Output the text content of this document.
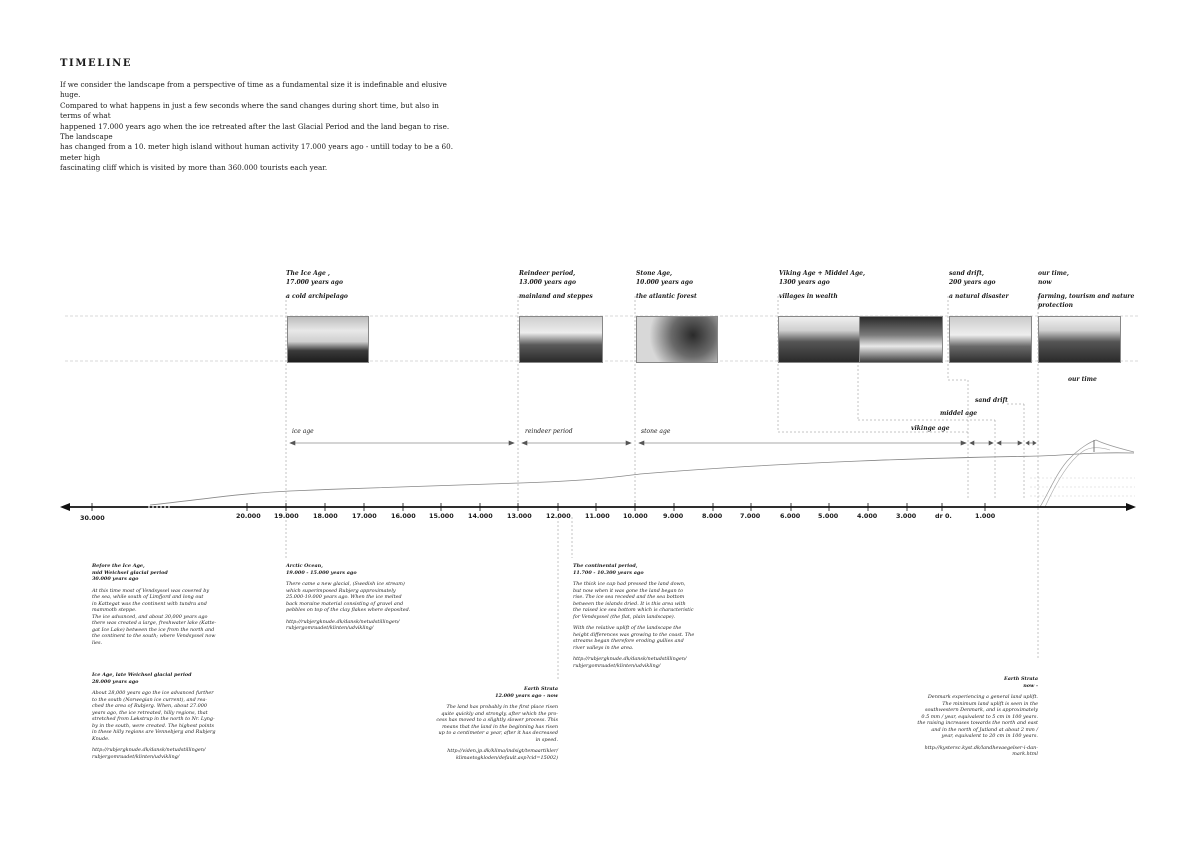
TIMELINE
If we consider the landscape from a perspective of time as a fundamental size it is indefinable and elusive huge.
Compared to what happens in just a few seconds where the sand changes during short time, but also in terms of what
happened 17.000 years ago when the ice retreated after the last Glacial Period and the land began to rise. The landscape
has changed from a 10. meter high island without human activity 17.000 years ago - untill today to be a 60. meter high
fascinating cliff which is visited by more than 360.000 tourists each year.
The Ice Age ,
17.000 years ago
a cold archipelago
Reindeer period,
13.000 years ago
mainland and steppes
Stone Age,
10.000 years ago
the atlantic forest
Viking Age + Middel Age,
1300 years ago
villages in wealth
sand drift,
200 years ago
a natural disaster
our time,
now
farming, tourism and nature
protection
our time
sand drift
middel age
vikinge age
ice age	reindeer period	stone age
30.000	20.000 19.000 18.000 17.000 16.000 15.000 14.000 13.000 12.000 11.000 10.000 9.000	8.000	7.000	6.000	5.000	4.000	3.000	dr 0.	1.000
Before the Ice Age,
mid Weichsel glacial period
30.000 years ago

At this time most of Vendsyssel was covered by
the sea, while south of Limfjord and long out
in Kattegat was the continent with tundra and
mammoth steppe.
The ice advanced, and about 30,000 years ago
there was created a large, freshwater lake (Katte-
gat Ice Lake) between the ice from the north and
the continent to the south; where Vendsyssel now
lies.

Ice Age, late Weichsel glacial period
28.000 years ago

About 28,000 years ago the ice advanced further
to the south (Norwegian ice current), and rea-
ched the area of Rubjerg. When, about 27.000
years ago, the ice retreated, hilly regions, that
stretched from Løkstrup in the north to Nr. Lyng-
by in the south, were created. The highest points
in these hilly regions are Vennebjerg and Rubjerg
Knude.

http://rubjergknude.dk/dansk/netudstillingen/
rubjergomraadet/klinten/udvikling/

Arctic Ocean,
19.000 - 15.000 years ago

There came a new glacial, (Swedish ice stream)
which superimposed Rubjerg approximately
25.000-19.000 years ago. When the ice melted
back moraine material consisting of gravel and
pebbles on top of the clay flakes where deposited.

http://rubjergknude.dk/dansk/netudstillingen/
rubjergomraadet/klinten/udvikling/

Earth Strata
12.000 years ago - now

The land has probably in the first place risen
quite quickly and strongly, after which the pro-
cess has moved to a slightly slower process. This
means that the land in the beginning has risen
up to a centimeter a year, after it has decreased
in speed.

http://viden.jp.dk/klima/indsigt/temaartikler/
klimaetogkloden/default.asp?cid=15002)

The continental period,
11.700 - 10.300 years ago

The thick ice cap had pressed the land down,
but now when it was gone the land began to
rise. The ice sea receded and the sea bottom
between the islands dried. It is this area with
the raised ice sea bottom which is characteristic
for Vendsyssel (the flat, plain landscape).

With the relative uplift of the landscape the
height differences was growing to the coast. The
streams began therefore eroding gullies and
river valleys in the area.

http://rubjergknude.dk/dansk/netudstillingen/
rubjergomraadet/klinten/udvikling/

Earth Strata
now -

Denmark experiencing a general land uplift.
The minimum land uplift is seen in the
southwestern Denmark, and is approximately
0.5 mm / year, equivalent to 5 cm in 100 years.
the raising increases towards the north and east
and in the north of Jutland at about 2 mm /
year, equivalent to 20 cm in 100 years.

http://kystersc.kyst.dk/landhevaegelser-i-dan-
mark.html
